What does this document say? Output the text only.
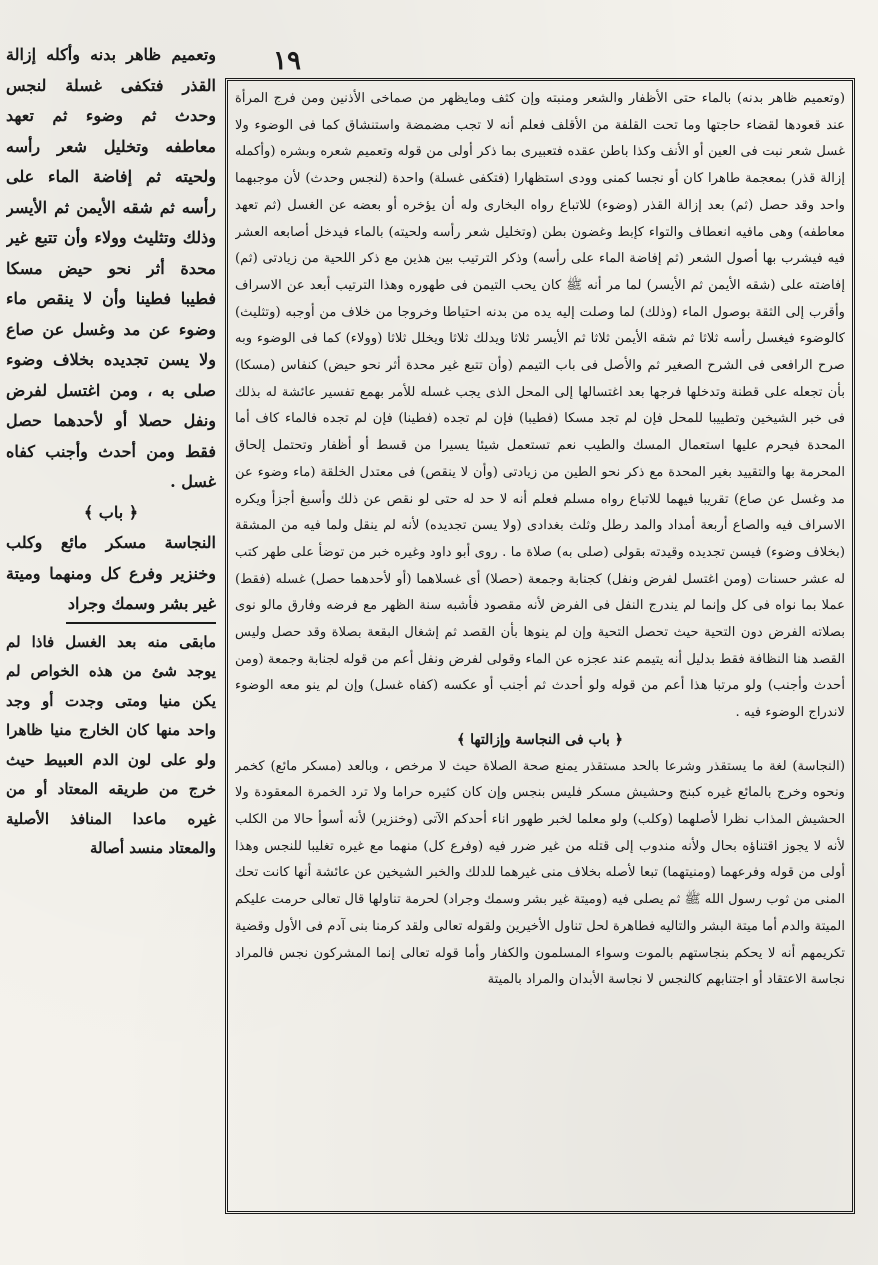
١٩

وتعميم ظاهر بدنه وأكله إزالة القذر فتكفى غسلة لنجس وحدث ثم وضوء ثم تعهد معاطفه وتخليل شعر رأسه ولحيته ثم إفاضة الماء على رأسه ثم شقه الأيمن ثم الأيسر وذلك وتثليث وولاء وأن تتبع غير محدة أثر نحو حيض مسكا فطيبا فطينا وأن لا ينقص ماء وضوء عن مد وغسل عن صاع ولا يسن تجديده بخلاف وضوء صلى به ، ومن اغتسل لفرض ونفل حصلا أو لأحدهما حصل فقط ومن أحدث وأجنب كفاه غسل .

﴿ باب ﴾

النجاسة مسكر مائع وكلب وخنزير وفرع كل ومنهما وميتة غير بشر وسمك وجراد

مابقى منه بعد الغسل فاذا لم يوجد شئ من هذه الخواص لم يكن منيا ومتى وجدت أو وجد واحد منها كان الخارج منيا ظاهرا ولو على لون الدم العبيط حيث خرج من طريقه المعتاد أو من غيره ماعدا المنافذ الأصلية والمعتاد منسد أصالة

(وتعميم ظاهر بدنه) بالماء حتى الأظفار والشعر ومنبته وإن كثف ومايظهر من صماخى الأذنين ومن فرج المرأة عند قعودها لقضاء حاجتها وما تحت القلفة من الأقلف فعلم أنه لا تجب مضمضة واستنشاق كما فى الوضوء ولا غسل شعر نبت فى العين أو الأنف وكذا باطن عقده فتعبيرى بما ذكر أولى من قوله وتعميم شعره وبشره (وأكمله إزالة قذر) بمعجمة طاهرا كان أو نجسا كمنى وودى استظهارا (فتكفى غسلة) واحدة (لنجس وحدث) لأن موجبهما واحد وقد حصل (ثم) بعد إزالة القذر (وضوء) للاتباع رواه البخارى وله أن يؤخره أو بعضه عن الغسل (ثم تعهد معاطفه) وهى مافيه انعطاف والتواء كإبط وغضون بطن (وتخليل شعر رأسه ولحيته) بالماء فيدخل أصابعه العشر فيه فيشرب بها أصول الشعر (ثم إفاضة الماء على رأسه) وذكر الترتيب بين هذين مع ذكر اللحية من زيادتى (ثم) إفاضته على (شقه الأيمن ثم الأيسر) لما مر أنه ﷺ كان يحب التيمن فى طهوره وهذا الترتيب أبعد عن الاسراف وأقرب إلى الثقة بوصول الماء (وذلك) لما وصلت إليه يده من بدنه احتياطا وخروجا من خلاف من أوجبه (وتثليث) كالوضوء فيغسل رأسه ثلاثا ثم شقه الأيمن ثلاثا ثم الأيسر ثلاثا ويدلك ثلاثا ويخلل ثلاثا (وولاء) كما فى الوضوء وبه صرح الرافعى فى الشرح الصغير ثم والأصل فى باب التيمم (وأن تتبع غير محدة أثر نحو حيض) كنفاس (مسكا) بأن تجعله على قطنة وتدخلها فرجها بعد اغتسالها إلى المحل الذى يجب غسله للأمر بهمع تفسير عائشة له بذلك فى خبر الشيخين وتطييبا للمحل فإن لم تجد مسكا (فطيبا) فإن لم تجده (فطينا) فإن لم تجده فالماء كاف أما المحدة فيحرم عليها استعمال المسك والطيب نعم تستعمل شيئا يسيرا من قسط أو أظفار وتحتمل إلحاق المحرمة بها والتقييد بغير المحدة مع ذكر نحو الطين من زيادتى (وأن لا ينقص) فى معتدل الخلقة (ماء وضوء عن مد وغسل عن صاع) تقريبا فيهما للاتباع رواه مسلم فعلم أنه لا حد له حتى لو نقص عن ذلك وأسبغ أجزأ ويكره الاسراف فيه والصاع أربعة أمداد والمد رطل وثلث بغدادى (ولا يسن تجديده) لأنه لم ينقل ولما فيه من المشقة (بخلاف وضوء) فيسن تجديده وقيدته بقولى (صلى به) صلاة ما . روى أبو داود وغيره خبر من توضأ على طهر كتب له عشر حسنات (ومن اغتسل لفرض ونفل) كجنابة وجمعة (حصلا) أى غسلاهما (أو لأحدهما حصل) غسله (فقط) عملا بما نواه فى كل وإنما لم يندرج النفل فى الفرض لأنه مقصود فأشبه سنة الظهر مع فرضه وفارق مالو نوى بصلاته الفرض دون التحية حيث تحصل التحية وإن لم ينوها بأن القصد ثم إشغال البقعة بصلاة وقد حصل وليس القصد هنا النظافة فقط بدليل أنه يتيمم عند عجزه عن الماء وقولى لفرض ونفل أعم من قوله لجنابة وجمعة (ومن أحدث وأجنب) ولو مرتبا هذا أعم من قوله ولو أحدث ثم أجنب أو عكسه (كفاه غسل) وإن لم ينو معه الوضوء لاندراج الوضوء فيه .

﴿ باب فى النجاسة وإزالتها ﴾

(النجاسة) لغة ما يستقذر وشرعا بالحد مستقذر يمنع صحة الصلاة حيث لا مرخص ، وبالعد (مسكر مائع) كخمر ونحوه وخرج بالمائع غيره كبنج وحشيش مسكر فليس بنجس وإن كان كثيره حراما ولا ترد الخمرة المعقودة ولا الحشيش المذاب نظرا لأصلهما (وكلب) ولو معلما لخبر طهور اناء أحدكم الآتى (وخنزير) لأنه أسوأ حالا من الكلب لأنه لا يجوز اقتناؤه بحال ولأنه مندوب إلى قتله من غير ضرر فيه (وفرع كل) منهما مع غيره تغليبا للنجس وهذا أولى من قوله وفرعهما (ومنيتهما) تبعا لأصله بخلاف منى غيرهما للدلك والخبر الشيخين عن عائشة أنها كانت تحك المنى من ثوب رسول الله ﷺ ثم يصلى فيه (وميتة غير بشر وسمك وجراد) لحرمة تناولها قال تعالى حرمت عليكم الميتة والدم أما ميتة البشر والتاليه فطاهرة لحل تناول الأخيرين ولقوله تعالى ولقد كرمنا بنى آدم فى الأول وقضية تكريمهم أنه لا يحكم بنجاستهم بالموت وسواء المسلمون والكفار وأما قوله تعالى إنما المشركون نجس فالمراد نجاسة الاعتقاد أو اجتنابهم كالنجس لا نجاسة الأبدان والمراد بالميتة
